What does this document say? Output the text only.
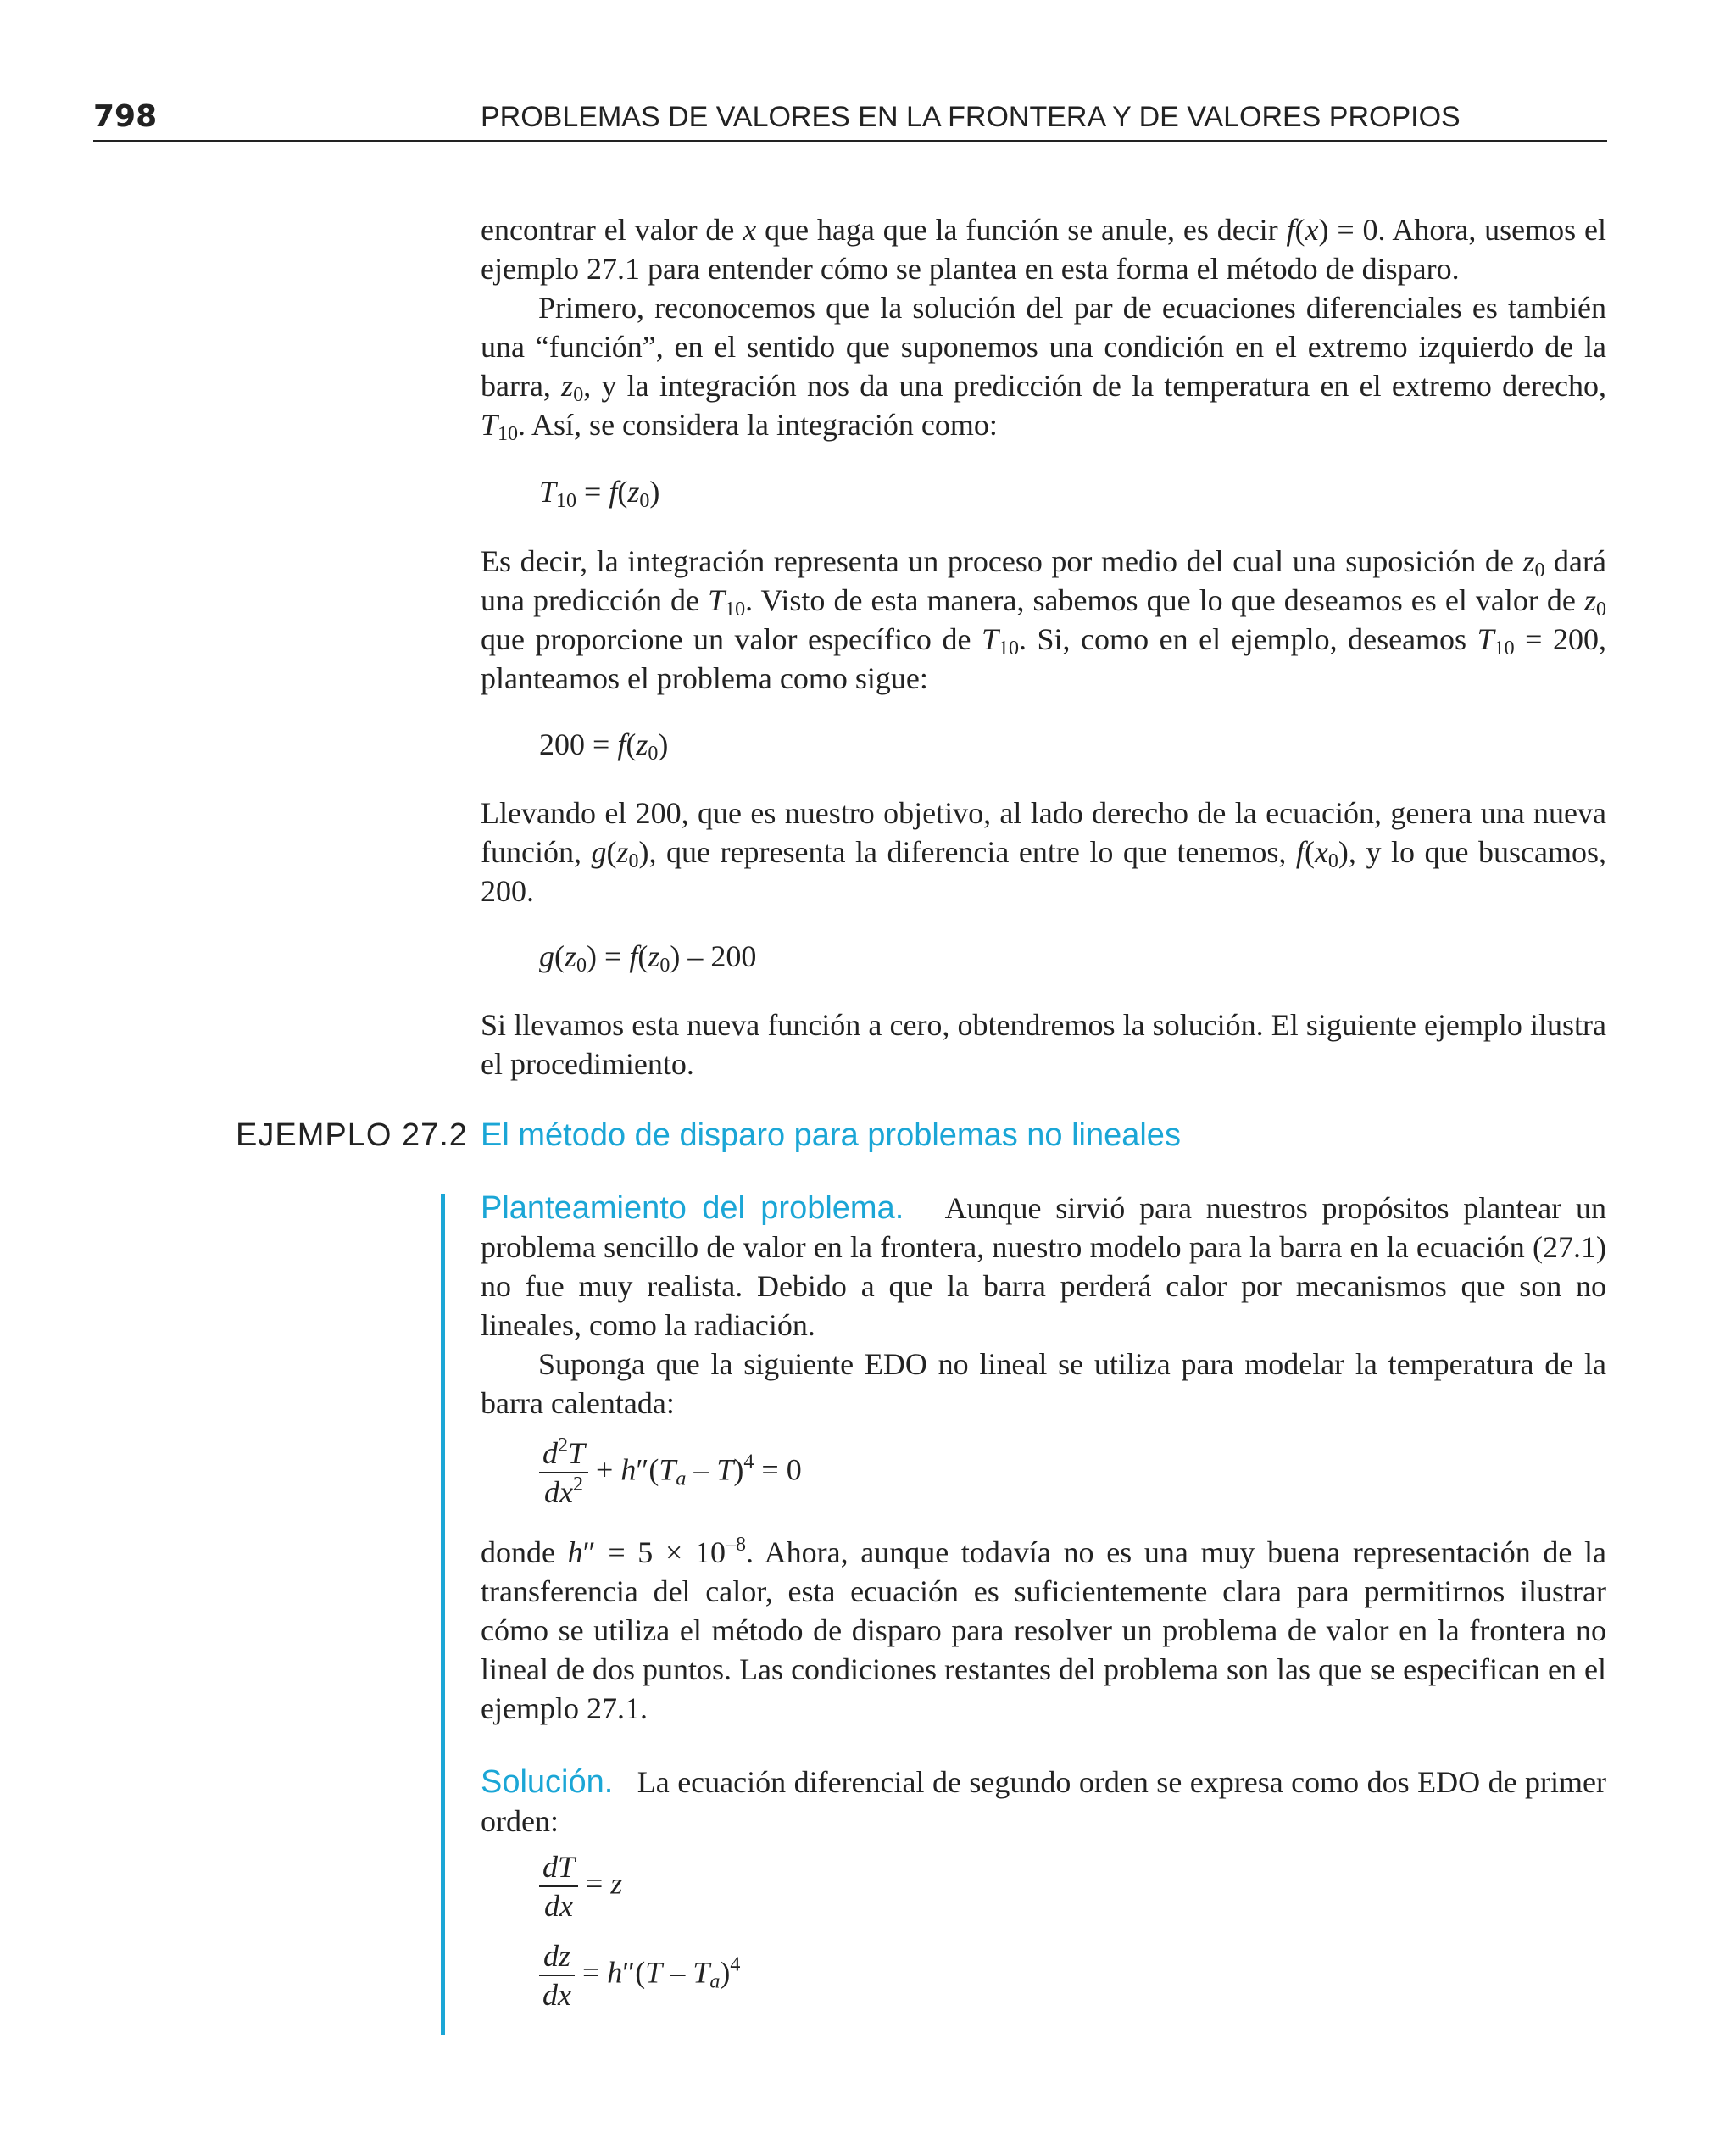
798	PROBLEMAS DE VALORES EN LA FRONTERA Y DE VALORES PROPIOS

encontrar el valor de x que haga que la función se anule, es decir f(x) = 0. Ahora, usemos el ejemplo 27.1 para entender cómo se plantea en esta forma el método de disparo.

Primero, reconocemos que la solución del par de ecuaciones diferenciales es también una “función”, en el sentido que suponemos una condición en el extremo izquierdo de la barra, $z_0$, y la integración nos da una predicción de la temperatura en el extremo derecho, $T_{10}$. Así, se considera la integración como:

$T_{10} = f(z_0)$

Es decir, la integración representa un proceso por medio del cual una suposición de $z_0$ dará una predicción de $T_{10}$. Visto de esta manera, sabemos que lo que deseamos es el valor de $z_0$ que proporcione un valor específico de $T_{10}$. Si, como en el ejemplo, deseamos $T_{10} = 200$, planteamos el problema como sigue:

$200 = f(z_0)$

Llevando el 200, que es nuestro objetivo, al lado derecho de la ecuación, genera una nueva función, $g(z_0)$, que representa la diferencia entre lo que tenemos, $f(x_0)$, y lo que buscamos, 200.

$g(z_0) = f(z_0) - 200$

Si llevamos esta nueva función a cero, obtendremos la solución. El siguiente ejemplo ilustra el procedimiento.

EJEMPLO 27.2 El método de disparo para problemas no lineales

Planteamiento del problema.   Aunque sirvió para nuestros propósitos plantear un problema sencillo de valor en la frontera, nuestro modelo para la barra en la ecuación (27.1) no fue muy realista. Debido a que la barra perderá calor por mecanismos que son no lineales, como la radiación.

Suponga que la siguiente EDO no lineal se utiliza para modelar la temperatura de la barra calentada:

$\frac{d^2T}{dx^2} + h''(T_a - T)^4 = 0$

donde $h'' = 5 \times 10^{-8}$. Ahora, aunque todavía no es una muy buena representación de la transferencia del calor, esta ecuación es suficientemente clara para permitirnos ilustrar cómo se utiliza el método de disparo para resolver un problema de valor en la frontera no lineal de dos puntos. Las condiciones restantes del problema son las que se especifican en el ejemplo 27.1.

Solución.   La ecuación diferencial de segundo orden se expresa como dos EDO de primer orden:

$\frac{dT}{dx} = z$
$\frac{dz}{dx} = h''(T - T_a)^4$
